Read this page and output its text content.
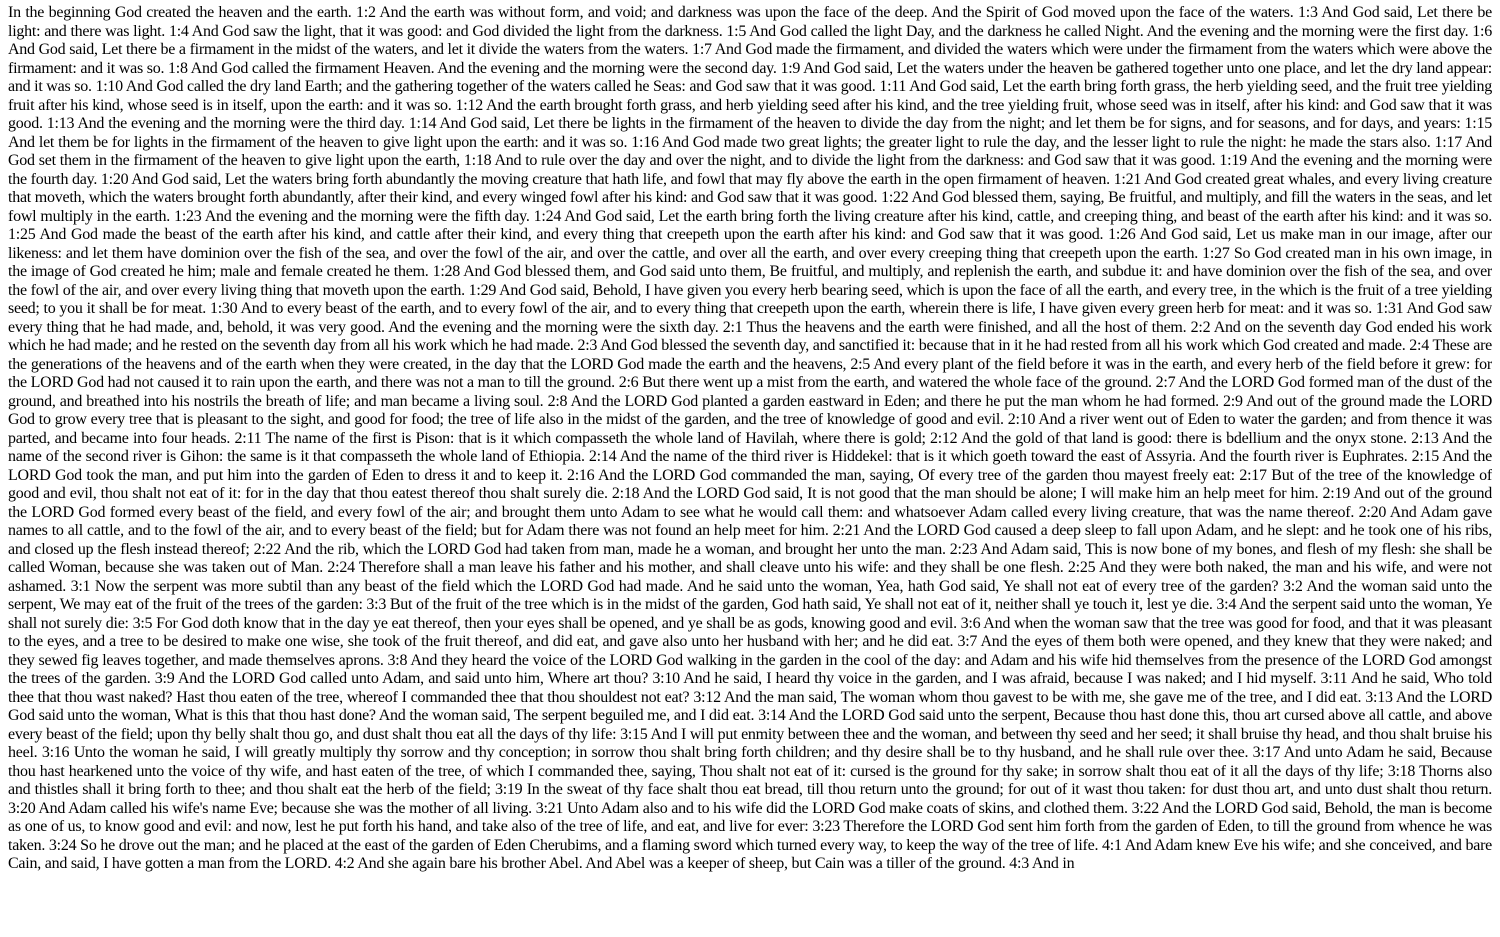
In the beginning God created the heaven and the earth. 1:2 And the earth was without form, and void; and darkness was upon the face of the deep. And the Spirit of God moved upon the face of the waters. 1:3 And God said, Let there be light: and there was light. 1:4 And God saw the light, that it was good: and God divided the light from the darkness. 1:5 And God called the light Day, and the darkness he called Night. And the evening and the morning were the first day. 1:6 And God said, Let there be a firmament in the midst of the waters, and let it divide the waters from the waters. 1:7 And God made the firmament, and divided the waters which were under the firmament from the waters which were above the firmament: and it was so. 1:8 And God called the firmament Heaven. And the evening and the morning were the second day. 1:9 And God said, Let the waters under the heaven be gathered together unto one place, and let the dry land appear: and it was so. 1:10 And God called the dry land Earth; and the gathering together of the waters called he Seas: and God saw that it was good. 1:11 And God said, Let the earth bring forth grass, the herb yielding seed, and the fruit tree yielding fruit after his kind, whose seed is in itself, upon the earth: and it was so. 1:12 And the earth brought forth grass, and herb yielding seed after his kind, and the tree yielding fruit, whose seed was in itself, after his kind: and God saw that it was good. 1:13 And the evening and the morning were the third day. 1:14 And God said, Let there be lights in the firmament of the heaven to divide the day from the night; and let them be for signs, and for seasons, and for days, and years: 1:15 And let them be for lights in the firmament of the heaven to give light upon the earth: and it was so. 1:16 And God made two great lights; the greater light to rule the day, and the lesser light to rule the night: he made the stars also. 1:17 And God set them in the firmament of the heaven to give light upon the earth, 1:18 And to rule over the day and over the night, and to divide the light from the darkness: and God saw that it was good. 1:19 And the evening and the morning were the fourth day. 1:20 And God said, Let the waters bring forth abundantly the moving creature that hath life, and fowl that may fly above the earth in the open firmament of heaven. 1:21 And God created great whales, and every living creature that moveth, which the waters brought forth abundantly, after their kind, and every winged fowl after his kind: and God saw that it was good. 1:22 And God blessed them, saying, Be fruitful, and multiply, and fill the waters in the seas, and let fowl multiply in the earth. 1:23 And the evening and the morning were the fifth day. 1:24 And God said, Let the earth bring forth the living creature after his kind, cattle, and creeping thing, and beast of the earth after his kind: and it was so. 1:25 And God made the beast of the earth after his kind, and cattle after their kind, and every thing that creepeth upon the earth after his kind: and God saw that it was good. 1:26 And God said, Let us make man in our image, after our likeness: and let them have dominion over the fish of the sea, and over the fowl of the air, and over the cattle, and over all the earth, and over every creeping thing that creepeth upon the earth. 1:27 So God created man in his own image, in the image of God created he him; male and female created he them. 1:28 And God blessed them, and God said unto them, Be fruitful, and multiply, and replenish the earth, and subdue it: and have dominion over the fish of the sea, and over the fowl of the air, and over every living thing that moveth upon the earth. 1:29 And God said, Behold, I have given you every herb bearing seed, which is upon the face of all the earth, and every tree, in the which is the fruit of a tree yielding seed; to you it shall be for meat. 1:30 And to every beast of the earth, and to every fowl of the air, and to every thing that creepeth upon the earth, wherein there is life, I have given every green herb for meat: and it was so. 1:31 And God saw every thing that he had made, and, behold, it was very good. And the evening and the morning were the sixth day. 2:1 Thus the heavens and the earth were finished, and all the host of them. 2:2 And on the seventh day God ended his work which he had made; and he rested on the seventh day from all his work which he had made. 2:3 And God blessed the seventh day, and sanctified it: because that in it he had rested from all his work which God created and made. 2:4 These are the generations of the heavens and of the earth when they were created, in the day that the LORD God made the earth and the heavens, 2:5 And every plant of the field before it was in the earth, and every herb of the field before it grew: for the LORD God had not caused it to rain upon the earth, and there was not a man to till the ground. 2:6 But there went up a mist from the earth, and watered the whole face of the ground. 2:7 And the LORD God formed man of the dust of the ground, and breathed into his nostrils the breath of life; and man became a living soul. 2:8 And the LORD God planted a garden eastward in Eden; and there he put the man whom he had formed. 2:9 And out of the ground made the LORD God to grow every tree that is pleasant to the sight, and good for food; the tree of life also in the midst of the garden, and the tree of knowledge of good and evil. 2:10 And a river went out of Eden to water the garden; and from thence it was parted, and became into four heads. 2:11 The name of the first is Pison: that is it which compasseth the whole land of Havilah, where there is gold; 2:12 And the gold of that land is good: there is bdellium and the onyx stone. 2:13 And the name of the second river is Gihon: the same is it that compasseth the whole land of Ethiopia. 2:14 And the name of the third river is Hiddekel: that is it which goeth toward the east of Assyria. And the fourth river is Euphrates. 2:15 And the LORD God took the man, and put him into the garden of Eden to dress it and to keep it. 2:16 And the LORD God commanded the man, saying, Of every tree of the garden thou mayest freely eat: 2:17 But of the tree of the knowledge of good and evil, thou shalt not eat of it: for in the day that thou eatest thereof thou shalt surely die. 2:18 And the LORD God said, It is not good that the man should be alone; I will make him an help meet for him. 2:19 And out of the ground the LORD God formed every beast of the field, and every fowl of the air; and brought them unto Adam to see what he would call them: and whatsoever Adam called every living creature, that was the name thereof. 2:20 And Adam gave names to all cattle, and to the fowl of the air, and to every beast of the field; but for Adam there was not found an help meet for him. 2:21 And the LORD God caused a deep sleep to fall upon Adam, and he slept: and he took one of his ribs, and closed up the flesh instead thereof; 2:22 And the rib, which the LORD God had taken from man, made he a woman, and brought her unto the man. 2:23 And Adam said, This is now bone of my bones, and flesh of my flesh: she shall be called Woman, because she was taken out of Man. 2:24 Therefore shall a man leave his father and his mother, and shall cleave unto his wife: and they shall be one flesh. 2:25 And they were both naked, the man and his wife, and were not ashamed. 3:1 Now the serpent was more subtil than any beast of the field which the LORD God had made. And he said unto the woman, Yea, hath God said, Ye shall not eat of every tree of the garden? 3:2 And the woman said unto the serpent, We may eat of the fruit of the trees of the garden: 3:3 But of the fruit of the tree which is in the midst of the garden, God hath said, Ye shall not eat of it, neither shall ye touch it, lest ye die. 3:4 And the serpent said unto the woman, Ye shall not surely die: 3:5 For God doth know that in the day ye eat thereof, then your eyes shall be opened, and ye shall be as gods, knowing good and evil. 3:6 And when the woman saw that the tree was good for food, and that it was pleasant to the eyes, and a tree to be desired to make one wise, she took of the fruit thereof, and did eat, and gave also unto her husband with her; and he did eat. 3:7 And the eyes of them both were opened, and they knew that they were naked; and they sewed fig leaves together, and made themselves aprons. 3:8 And they heard the voice of the LORD God walking in the garden in the cool of the day: and Adam and his wife hid themselves from the presence of the LORD God amongst the trees of the garden. 3:9 And the LORD God called unto Adam, and said unto him, Where art thou? 3:10 And he said, I heard thy voice in the garden, and I was afraid, because I was naked; and I hid myself. 3:11 And he said, Who told thee that thou wast naked? Hast thou eaten of the tree, whereof I commanded thee that thou shouldest not eat? 3:12 And the man said, The woman whom thou gavest to be with me, she gave me of the tree, and I did eat. 3:13 And the LORD God said unto the woman, What is this that thou hast done? And the woman said, The serpent beguiled me, and I did eat. 3:14 And the LORD God said unto the serpent, Because thou hast done this, thou art cursed above all cattle, and above every beast of the field; upon thy belly shalt thou go, and dust shalt thou eat all the days of thy life: 3:15 And I will put enmity between thee and the woman, and between thy seed and her seed; it shall bruise thy head, and thou shalt bruise his heel. 3:16 Unto the woman he said, I will greatly multiply thy sorrow and thy conception; in sorrow thou shalt bring forth children; and thy desire shall be to thy husband, and he shall rule over thee. 3:17 And unto Adam he said, Because thou hast hearkened unto the voice of thy wife, and hast eaten of the tree, of which I commanded thee, saying, Thou shalt not eat of it: cursed is the ground for thy sake; in sorrow shalt thou eat of it all the days of thy life; 3:18 Thorns also and thistles shall it bring forth to thee; and thou shalt eat the herb of the field; 3:19 In the sweat of thy face shalt thou eat bread, till thou return unto the ground; for out of it wast thou taken: for dust thou art, and unto dust shalt thou return. 3:20 And Adam called his wife's name Eve; because she was the mother of all living. 3:21 Unto Adam also and to his wife did the LORD God make coats of skins, and clothed them. 3:22 And the LORD God said, Behold, the man is become as one of us, to know good and evil: and now, lest he put forth his hand, and take also of the tree of life, and eat, and live for ever: 3:23 Therefore the LORD God sent him forth from the garden of Eden, to till the ground from whence he was taken. 3:24 So he drove out the man; and he placed at the east of the garden of Eden Cherubims, and a flaming sword which turned every way, to keep the way of the tree of life. 4:1 And Adam knew Eve his wife; and she conceived, and bare Cain, and said, I have gotten a man from the LORD. 4:2 And she again bare his brother Abel. And Abel was a keeper of sheep, but Cain was a tiller of the ground. 4:3 And in
